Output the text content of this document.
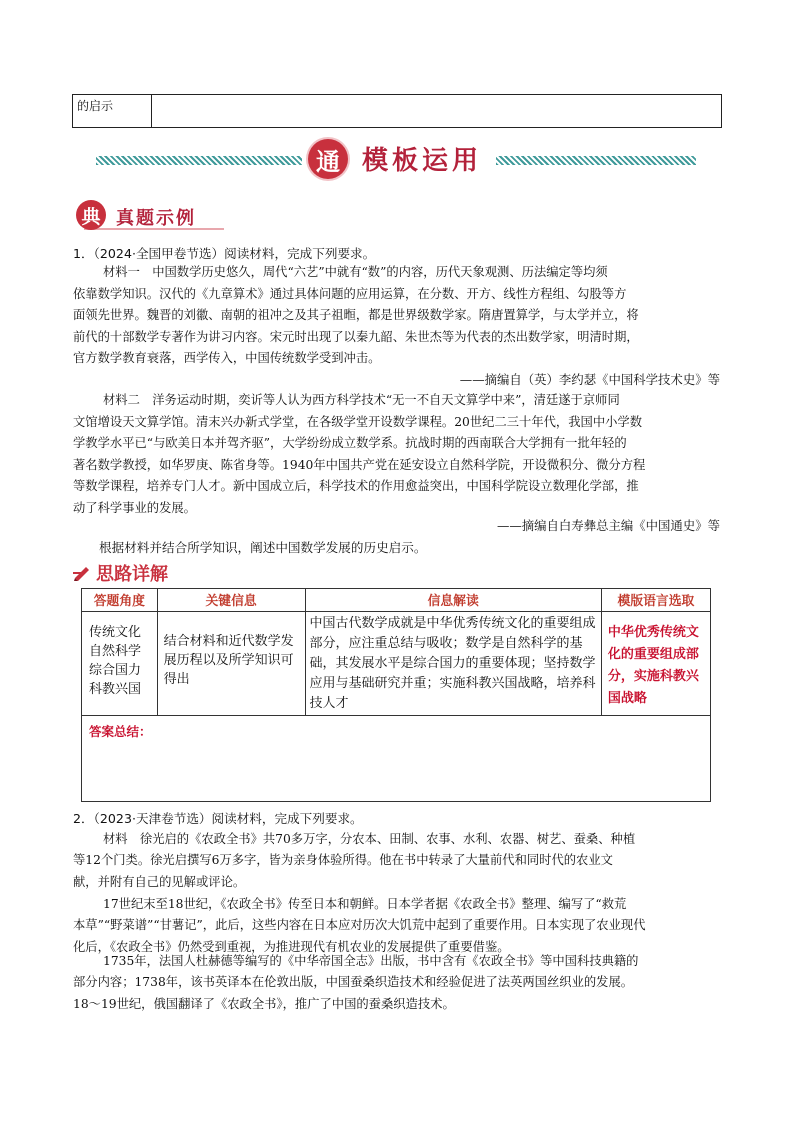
的启示
通 模板运用
典 真题示例
1．（2024·全国甲卷节选）阅读材料，完成下列要求。
材料一　中国数学历史悠久，周代“六艺”中就有“数”的内容，历代天象观测、历法编定等均须
依靠数学知识。汉代的《九章算术》通过具体问题的应用运算，在分数、开方、线性方程组、勾股等方
面领先世界。魏晋的刘徽、南朝的祖冲之及其子祖暅，都是世界级数学家。隋唐置算学，与太学并立，将
前代的十部数学专著作为讲习内容。宋元时出现了以秦九韶、朱世杰等为代表的杰出数学家，明清时期，
官方数学教育衰落，西学传入，中国传统数学受到冲击。
——摘编自（英）李约瑟《中国科学技术史》等
材料二　洋务运动时期，奕䜣等人认为西方科学技术“无一不自天文算学中来”，清廷遂于京师同
文馆增设天文算学馆。清末兴办新式学堂，在各级学堂开设数学课程。20世纪二三十年代，我国中小学数
学教学水平已“与欧美日本并驾齐驱”，大学纷纷成立数学系。抗战时期的西南联合大学拥有一批年轻的
著名数学教授，如华罗庚、陈省身等。1940年中国共产党在延安设立自然科学院，开设微积分、微分方程
等数学课程，培养专门人才。新中国成立后，科学技术的作用愈益突出，中国科学院设立数理化学部，推
动了科学事业的发展。
——摘编自白寿彝总主编《中国通史》等
根据材料并结合所学知识，阐述中国数学发展的历史启示。
思路详解
答题角度	关键信息	信息解读	模版语言选取

传统文化
自然科学
综合国力
科教兴国	结合材料和近代数学发展历程以及所学知识可得出	中国古代数学成就是中华优秀传统文化的重要组成部分，应注重总结与吸收；数学是自然科学的基础，其发展水平是综合国力的重要体现；坚持数学应用与基础研究并重；实施科教兴国战略，培养科技人才	中华优秀传统文化的重要组成部分，实施科教兴国战略
答案总结：			
2．（2023·天津卷节选）阅读材料，完成下列要求。
材料　徐光启的《农政全书》共70多万字，分农本、田制、农事、水利、农器、树艺、蚕桑、种植
等12个门类。徐光启撰写6万多字，皆为亲身体验所得。他在书中转录了大量前代和同时代的农业文
献，并附有自己的见解或评论。
17世纪末至18世纪，《农政全书》传至日本和朝鲜。日本学者据《农政全书》整理、编写了“救荒
本草”“野菜谱”“甘薯记”，此后，这些内容在日本应对历次大饥荒中起到了重要作用。日本实现了农业现代
化后，《农政全书》仍然受到重视，为推进现代有机农业的发展提供了重要借鉴。
1735年，法国人杜赫德等编写的《中华帝国全志》出版，书中含有《农政全书》等中国科技典籍的
部分内容；1738年，该书英译本在伦敦出版，中国蚕桑织造技术和经验促进了法英两国丝织业的发展。
18～19世纪，俄国翻译了《农政全书》，推广了中国的蚕桑织造技术。
